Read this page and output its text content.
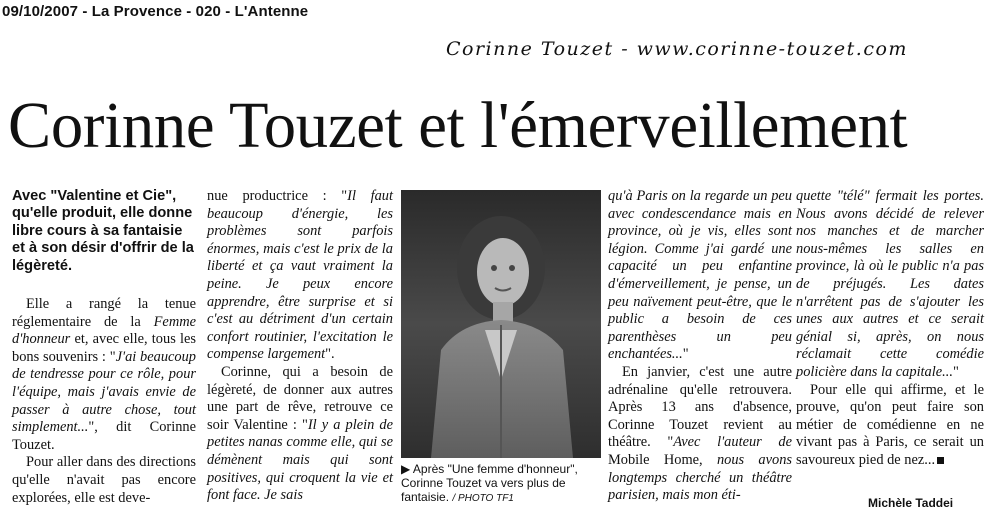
09/10/2007 - La Provence - 020 - L'Antenne
Corinne Touzet - www.corinne-touzet.com
Corinne Touzet et l'émerveillement
Avec "Valentine et Cie", qu'elle produit, elle donne libre cours à sa fantaisie et à son désir d'offrir de la légèreté.

Elle a rangé la tenue réglementaire de la Femme d'honneur et, avec elle, tous les bons souvenirs : "J'ai beaucoup de tendresse pour ce rôle, pour l'équipe, mais j'avais envie de passer à autre chose, tout simplement...", dit Corinne Touzet.

Pour aller dans des directions qu'elle n'avait pas encore explorées, elle est deve-

nue productrice : "Il faut beaucoup d'énergie, les problèmes sont parfois énormes, mais c'est le prix de la liberté et ça vaut vraiment la peine. Je peux encore apprendre, être surprise et si c'est au détriment d'un certain confort routinier, l'excitation le compense largement".

Corinne, qui a besoin de légèreté, de donner aux autres une part de rêve, retrouve ce soir Valentine : "Il y a plein de petites nanas comme elle, qui se démènent mais qui sont positives, qui croquent la vie et font face. Je sais

▶ Après "Une femme d'honneur", Corinne Touzet va vers plus de fantaisie. / PHOTO TF1

qu'à Paris on la regarde un peu avec condescendance mais en province, où je vis, elles sont légion. Comme j'ai gardé une capacité un peu enfantine d'émerveillement, je pense, un peu naïvement peut-être, que le public a besoin de ces parenthèses un peu enchantées..."

En janvier, c'est une autre adrénaline qu'elle retrouvera. Après 13 ans d'absence, Corinne Touzet revient au théâtre. "Avec l'auteur de Mobile Home, nous avons longtemps cherché un théâtre parisien, mais mon éti-

quette "télé" fermait les portes. Nous avons décidé de relever nos manches et de marcher nous-mêmes les salles en province, là où le public n'a pas de préjugés. Les dates n'arrêtent pas de s'ajouter les unes aux autres et ce serait génial si, après, on nous réclamait cette comédie policière dans la capitale..."

Pour elle qui affirme, et le prouve, qu'on peut faire son métier de comédienne en ne vivant pas à Paris, ce serait un savoureux pied de nez...

Michèle Taddei
